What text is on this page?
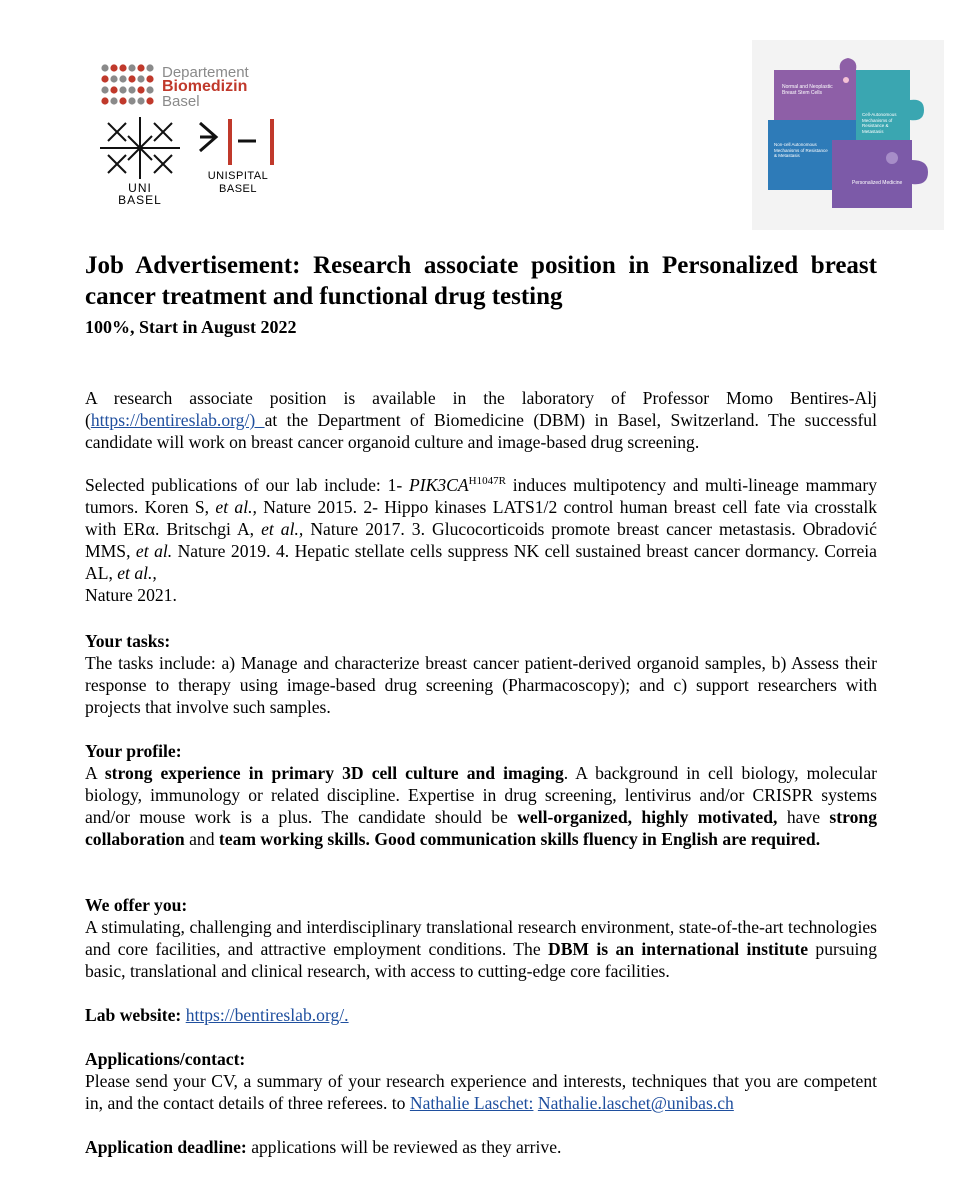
Departement
Biomedizin
Basel
UNI
BASEL
UNISPITAL
BASEL
Normal and Neoplastic Breast Stem Cells
Cell-Autonomous Mechanisms of Resistance & Metastasis
Non-cell Autonomous Mechanisms of Resistance & Metastasis
Personalized Medicine
Job Advertisement: Research associate position in Personalized breast cancer treatment and functional drug testing
100%, Start in August 2022
A research associate position is available in the laboratory of Professor Momo Bentires-Alj (https://bentireslab.org/) at the Department of Biomedicine (DBM) in Basel, Switzerland. The successful candidate will work on breast cancer organoid culture and image-based drug screening.
Selected publications of our lab include: 1- $PIK3CA^{H1047R}$ induces multipotency and multi-lineage mammary tumors. Koren S, et al., Nature 2015. 2- Hippo kinases LATS1/2 control human breast cell fate via crosstalk with ERα. Britschgi A, et al., Nature 2017. 3. Glucocorticoids promote breast cancer metastasis. Obradović MMS, et al. Nature 2019. 4. Hepatic stellate cells suppress NK cell sustained breast cancer dormancy. Correia AL, et al.,
Nature 2021.
Your tasks:
The tasks include: a) Manage and characterize breast cancer patient-derived organoid samples, b) Assess their response to therapy using image-based drug screening (Pharmacoscopy); and c) support researchers with projects that involve such samples.
Your profile:
A strong experience in primary 3D cell culture and imaging. A background in cell biology, molecular biology, immunology or related discipline. Expertise in drug screening, lentivirus and/or CRISPR systems and/or mouse work is a plus. The candidate should be well-organized, highly motivated, have strong collaboration and team working skills. Good communication skills fluency in English are required.
We offer you:
A stimulating, challenging and interdisciplinary translational research environment, state-of-the-art technologies and core facilities, and attractive employment conditions. The DBM is an international institute pursuing basic, translational and clinical research, with access to cutting-edge core facilities.
Lab website: https://bentireslab.org/.
Applications/contact:
Please send your CV, a summary of your research experience and interests, techniques that you are competent in, and the contact details of three referees. to Nathalie Laschet: Nathalie.laschet@unibas.ch
Application deadline: applications will be reviewed as they arrive.
